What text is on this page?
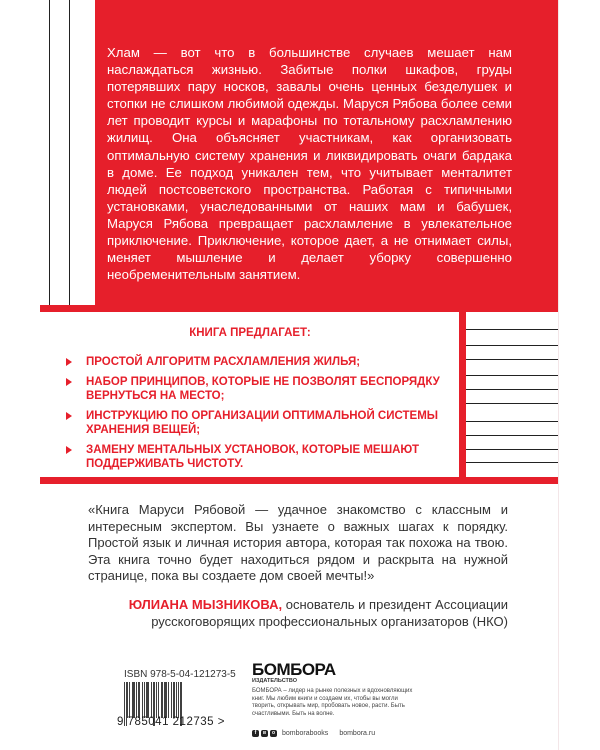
Хлам — вот что в большинстве случаев мешает нам наслаждаться жизнью. Забитые полки шкафов, груды потерявших пару носков, завалы очень ценных безделушек и стопки не слишком любимой одежды. Маруся Рябова более семи лет проводит курсы и марафоны по тотальному расхламлению жилищ. Она объясняет участникам, как организовать оптимальную систему хранения и ликвидировать очаги бардака в доме. Ее подход уникален тем, что учитывает менталитет людей постсоветского пространства. Работая с типичными установками, унаследованными от наших мам и бабушек, Маруся Рябова превращает расхламление в увлекательное приключение. Приключение, которое дает, а не отнимает силы, меняет мышление и делает уборку совершенно необременительным занятием.

КНИГА ПРЕДЛАГАЕТ:
ПРОСТОЙ АЛГОРИТМ РАСХЛАМЛЕНИЯ ЖИЛЬЯ;
НАБОР ПРИНЦИПОВ, КОТОРЫЕ НЕ ПОЗВОЛЯТ БЕСПОРЯДКУ ВЕРНУТЬСЯ НА МЕСТО;
ИНСТРУКЦИЮ ПО ОРГАНИЗАЦИИ ОПТИМАЛЬНОЙ СИСТЕМЫ ХРАНЕНИЯ ВЕЩЕЙ;
ЗАМЕНУ МЕНТАЛЬНЫХ УСТАНОВОК, КОТОРЫЕ МЕШАЮТ ПОДДЕРЖИВАТЬ ЧИСТОТУ.
«Книга Маруси Рябовой — удачное знакомство с классным и интересным экспертом. Вы узнаете о важных шагах к порядку. Простой язык и личная история автора, которая так похожа на твою. Эта книга точно будет находиться рядом и раскрыта на нужной странице, пока вы создаете дом своей мечты!»
ЮЛИАНА МЫЗНИКОВА, основатель и президент Ассоциации русскоговорящих профессиональных организаторов (НКО)
ISBN 978-5-04-121273-5
9 785041 212735 >
БОМБОРА
ИЗДАТЕЛЬСТВО
БОМБОРА – лидер на рынке полезных и вдохновляющих книг. Мы любим книги и создаем их, чтобы вы могли творить, открывать мир, пробовать новое, расти. Быть счастливыми. Быть на волне.
f	в	o bomborabooks bombora.ru
